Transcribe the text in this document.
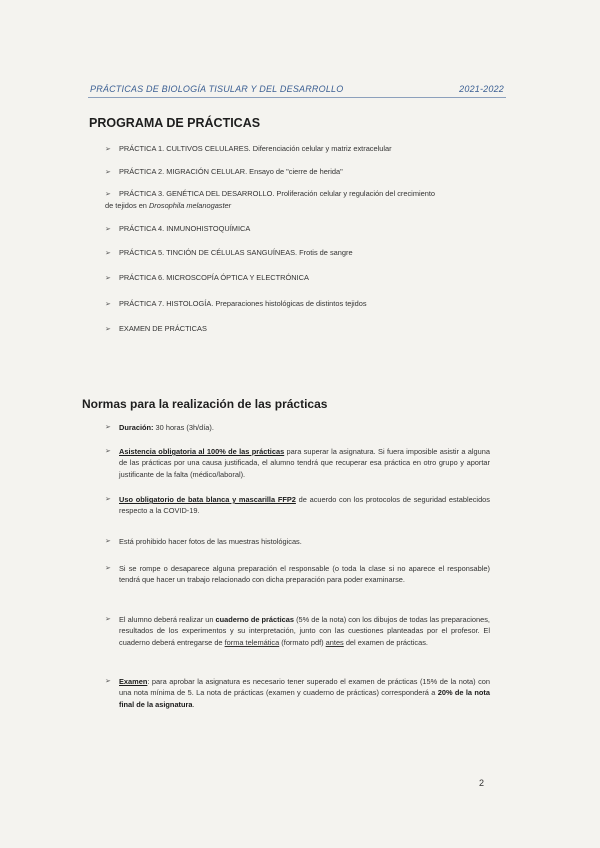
PRÁCTICAS DE BIOLOGÍA TISULAR Y DEL DESARROLLO	2021-2022
PROGRAMA DE PRÁCTICAS
➢ PRÁCTICA 1. CULTIVOS CELULARES. Diferenciación celular y matriz extracelular
➢ PRÁCTICA 2. MIGRACIÓN CELULAR. Ensayo de "cierre de herida"
➢ PRÁCTICA 3. GENÉTICA DEL DESARROLLO. Proliferación celular y regulación del crecimiento
de tejidos en Drosophila melanogaster
➢ PRÁCTICA 4. INMUNOHISTOQUÍMICA
➢ PRÁCTICA 5. TINCIÓN DE CÉLULAS SANGUÍNEAS. Frotis de sangre
➢ PRÁCTICA 6. MICROSCOPÍA ÓPTICA Y ELECTRÓNICA
➢ PRÁCTICA 7. HISTOLOGÍA. Preparaciones histológicas de distintos tejidos
➢ EXAMEN DE PRÁCTICAS
Normas para la realización de las prácticas
➢	Duración: 30 horas (3h/día).
➢	Asistencia obligatoria al 100% de las prácticas para superar la asignatura. Si fuera imposible asistir a alguna de las prácticas por una causa justificada, el alumno tendrá que recuperar esa práctica en otro grupo y aportar justificante de la falta (médico/laboral).
➢	Uso obligatorio de bata blanca y mascarilla FFP2 de acuerdo con los protocolos de seguridad establecidos respecto a la COVID-19.
➢	Está prohibido hacer fotos de las muestras histológicas.
➢	Si se rompe o desaparece alguna preparación el responsable (o toda la clase si no aparece el responsable) tendrá que hacer un trabajo relacionado con dicha preparación para poder examinarse.
➢	El alumno deberá realizar un cuaderno de prácticas (5% de la nota) con los dibujos de todas las preparaciones, resultados de los experimentos y su interpretación, junto con las cuestiones planteadas por el profesor. El cuaderno deberá entregarse de forma telemática (formato pdf) antes del examen de prácticas.
➢	Examen: para aprobar la asignatura es necesario tener superado el examen de prácticas (15% de la nota) con una nota mínima de 5. La nota de prácticas (examen y cuaderno de prácticas) corresponderá a 20% de la nota final de la asignatura.
2
